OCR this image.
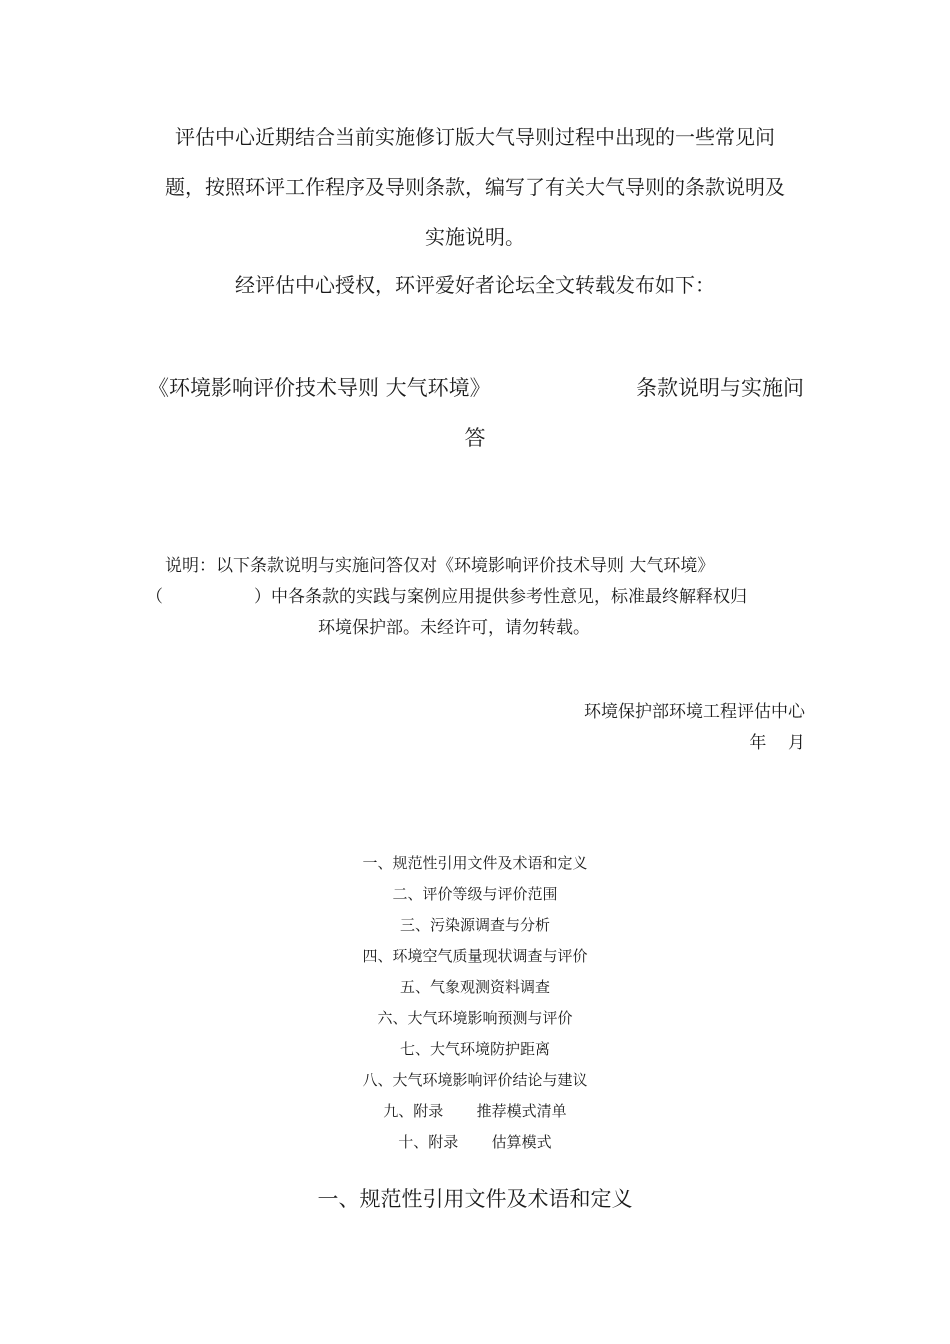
评估中心近期结合当前实施修订版大气导则过程中出现的一些常见问
题，按照环评工作程序及导则条款，编写了有关大气导则的条款说明及
实施说明。
经评估中心授权，环评爱好者论坛全文转载发布如下：
《环境影响评价技术导则 大气环境》	条款说明与实施问
答
说明：以下条款说明与实施问答仅对《环境影响评价技术导则 大气环境》
（	）中各条款的实践与案例应用提供参考性意见，标准最终解释权归
环境保护部。未经许可，请勿转载。
环境保护部环境工程评估中心
年    月
一、规范性引用文件及术语和定义
二、评价等级与评价范围
三、污染源调查与分析
四、环境空气质量现状调查与评价
五、气象观测资料调查
六、大气环境影响预测与评价
七、大气环境防护距离
八、大气环境影响评价结论与建议
九、附录       推荐模式清单
十、附录       估算模式
一、规范性引用文件及术语和定义
